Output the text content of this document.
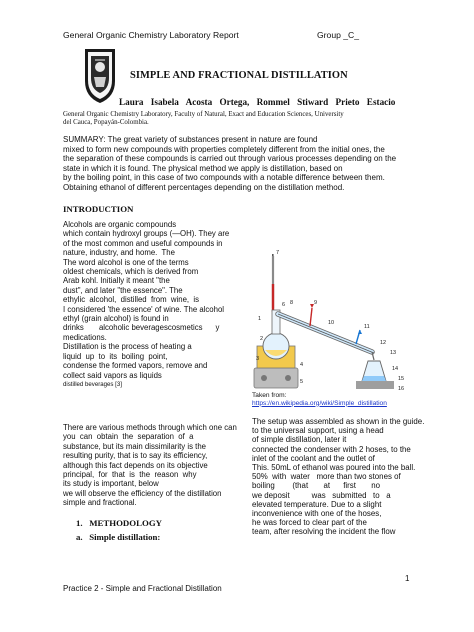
General Organic Chemistry Laboratory Report	Group _C_
SIMPLE AND FRACTIONAL DISTILLATION
Laura Isabela Acosta Ortega, Rommel Stiward Prieto Estacio
General Organic Chemistry Laboratory, Faculty of Natural, Exact and Education Sciences, University
del Cauca, Popayán-Colombia.
SUMMARY: The great variety of substances present in nature are found
mixed to form new compounds with properties completely different from the initial ones, the
the separation of these compounds is carried out through various processes depending on the
state in which it is found. The physical method we apply is distillation, based on
by the boiling point, in this case of two compounds with a notable difference between them.
Obtaining ethanol of different percentages depending on the distillation method.
INTRODUCTION
Alcohols are organic compounds
which contain hydroxyl groups (—OH). They are
of the most common and useful compounds in
nature, industry, and home.  The
The word alcohol is one of the terms
oldest chemicals, which is derived from
Arab kohl. Initially it meant "the
dust", and later "the essence". The
ethylic  alcohol,  distilled  from  wine,  is
I considered 'the essence' of wine. The alcohol
ethyl (grain alcohol) is found in
drinks       alcoholic beveragescosmetics      y
medications.
Distillation is the process of heating a
liquid  up  to  its  boiling  point,
condense the formed vapors, remove and
collect said vapors as liquids
distilled beverages [3]
There are various methods through which one can
you  can  obtain  the  separation  of  a
substance, but its main dissimilarity is the
resulting purity, that is to say its efficiency,
although this fact depends on its objective
principal,  for  that  is  the  reason  why
its study is important, below
we will observe the efficiency of the distillation
simple and fractional.
1.   METHODOLOGY
a.   Simple distillation:
1
2
3
4
5
6
7
8	9
10
11
12
13
14
15
16
Taken from:
https://en.wikipedia.org/wiki/Simple_distillation
The setup was assembled as shown in the guide.
to the universal support, using a head
of simple distillation, later it
connected the condenser with 2 hoses, to the
inlet of the coolant and the outlet of
This. 50mL of ethanol was poured into the ball.
50%  with  water   more than two stones of
boiling        (that       at      first       no
we deposit          was   submitted   to   a
elevated temperature. Due to a slight
inconvenience with one of the hoses,
he was forced to clear part of the
team, after resolving the incident the flow
1
Practice 2 - Simple and Fractional Distillation
